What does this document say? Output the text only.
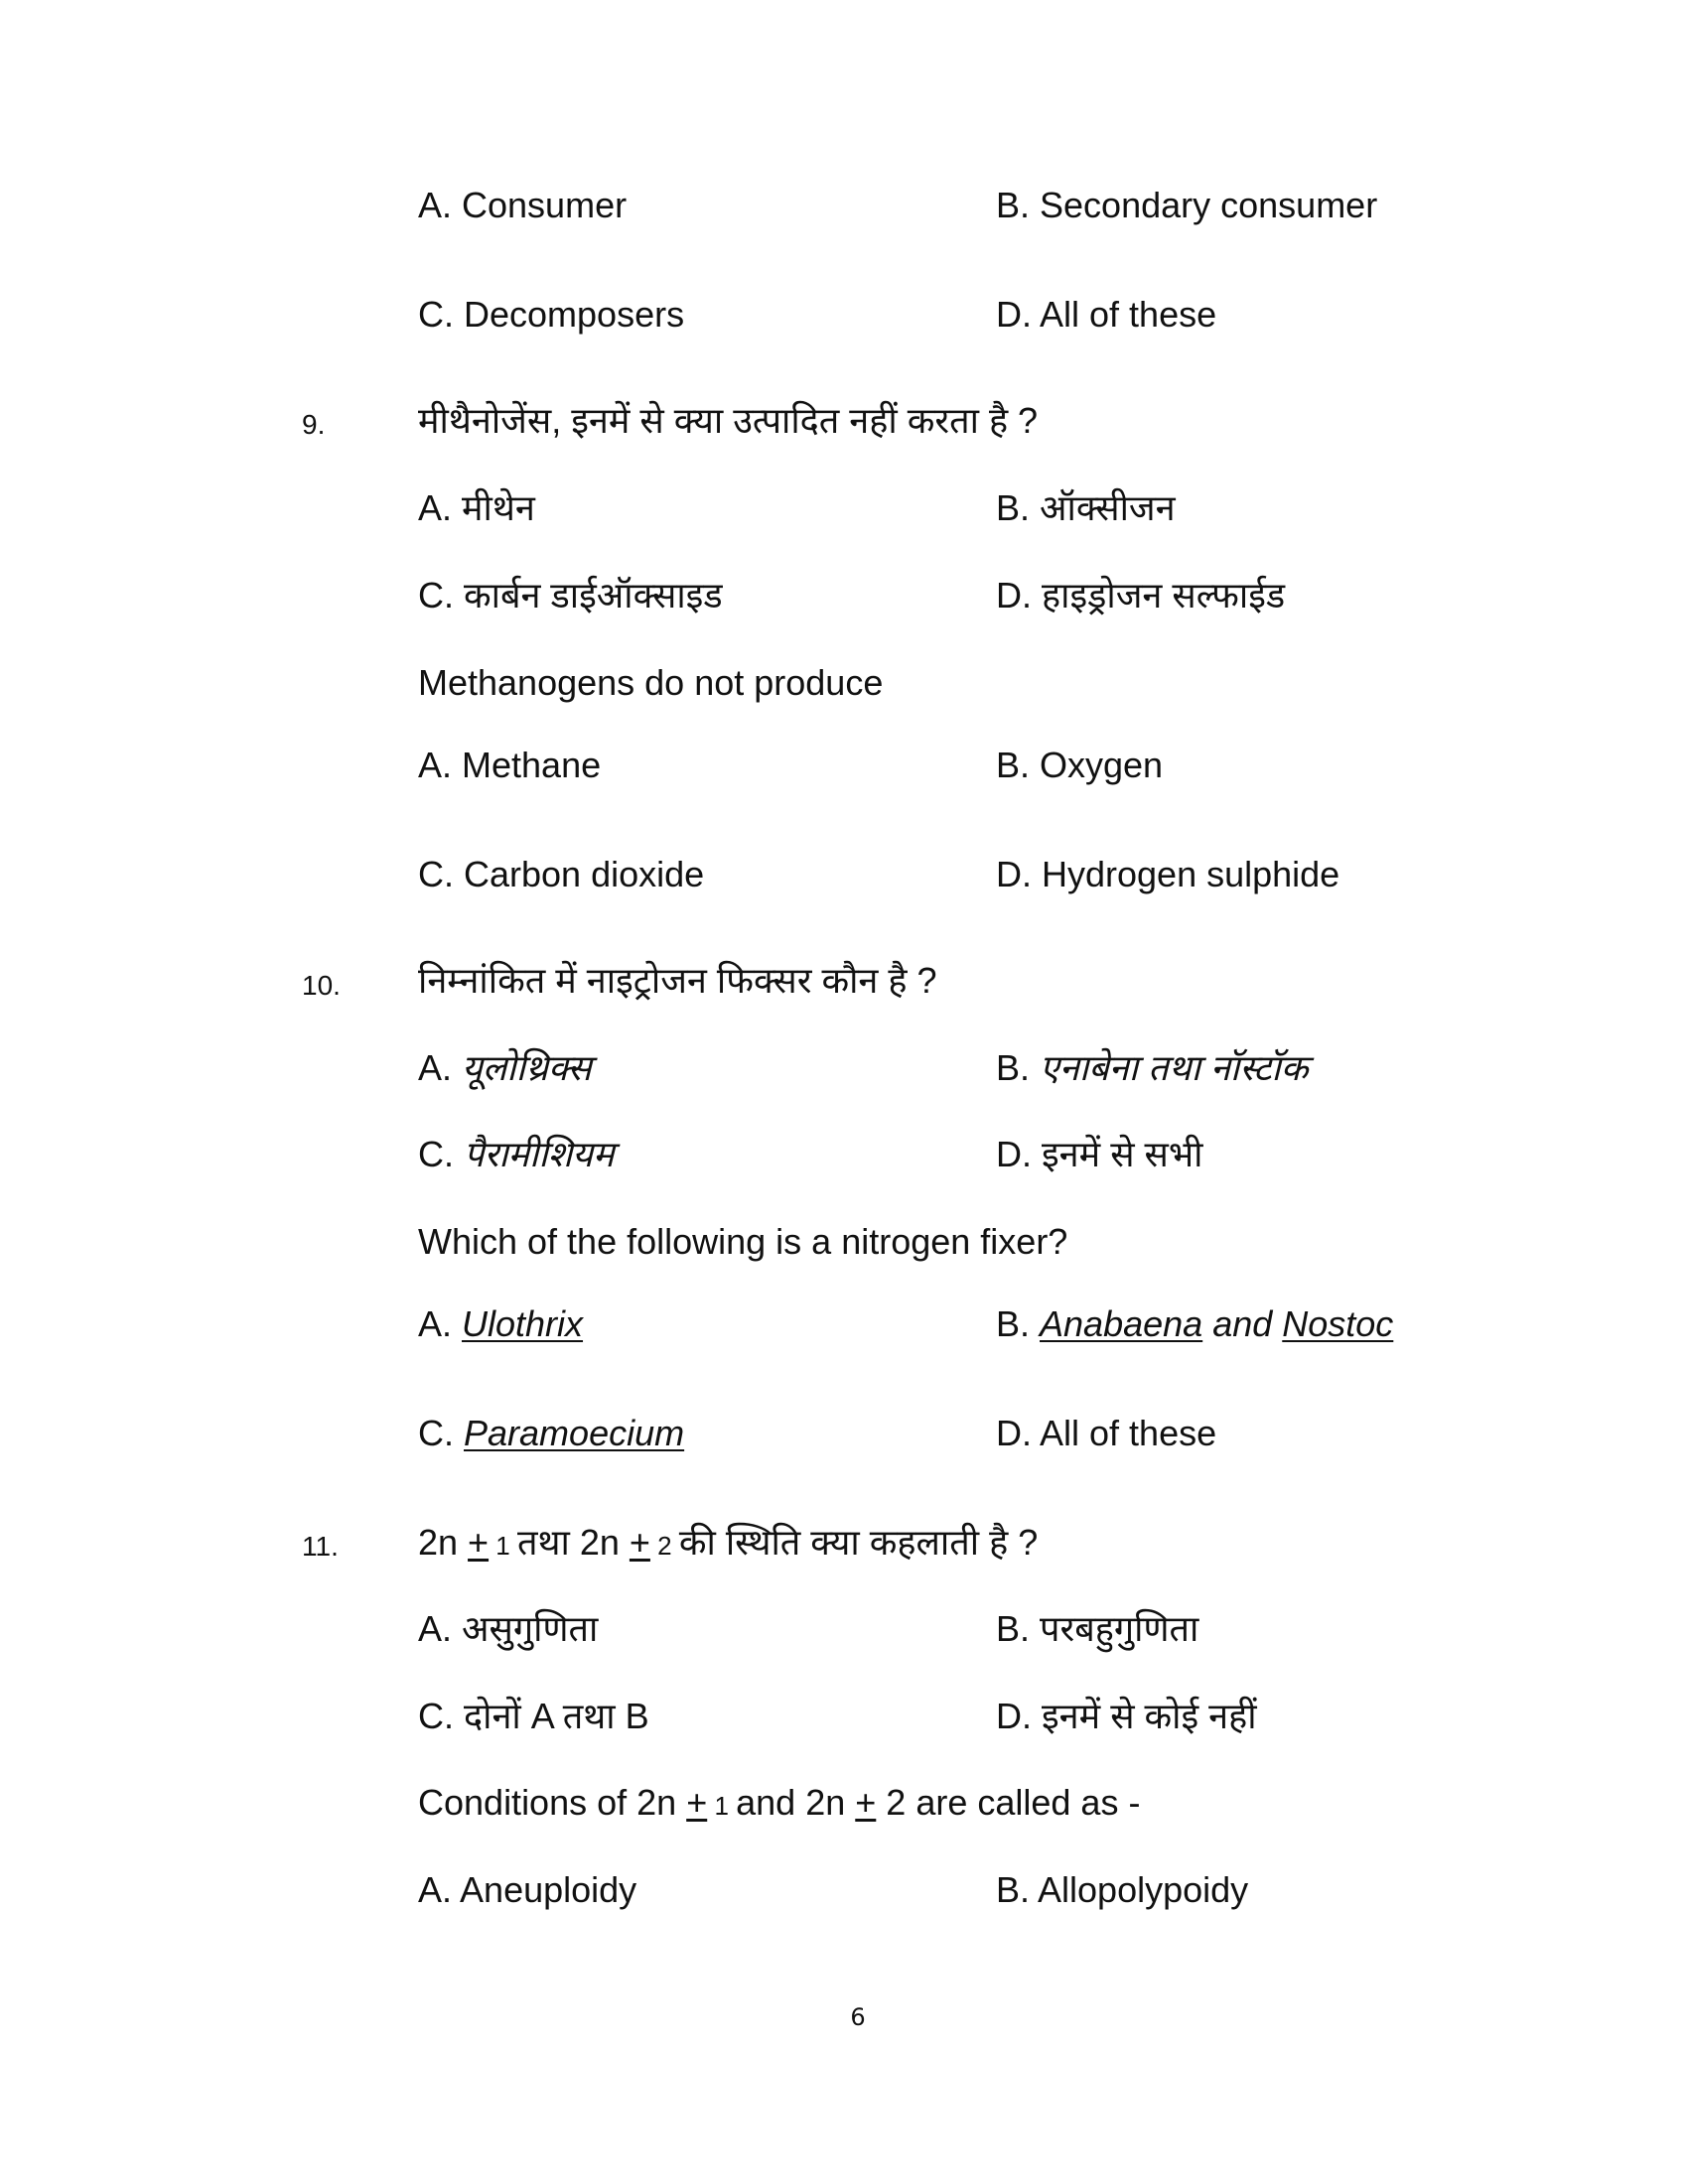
A. Consumer	B. Secondary consumer
C. Decomposers	D. All of these
9.	मीथैनोजेंस, इनमें से क्या उत्पादित नहीं करता है ?
A. मीथेन	B. ऑक्सीजन
C. कार्बन डाईऑक्साइड	D. हाइड्रोजन सल्फाईड
Methanogens do not produce
A. Methane	B. Oxygen
C. Carbon dioxide	D. Hydrogen sulphide
10. निम्नांकित में नाइट्रोजन फिक्सर कौन है ?
A. यूलोथ्रिक्स	B. एनाबेना तथा नॉस्टॉक
C. पैरामीशियम	D. इनमें से सभी
Which of the following is a nitrogen fixer?
A. Ulothrix	B. Anabaena and Nostoc
C. Paramoecium	D. All of these
11. 2n + 1 तथा 2n + 2 की स्थिति क्या कहलाती है ?
A. असुगुणिता	B. परबहुगुणिता
C. दोनों A तथा B	D. इनमें से कोई नहीं
Conditions of 2n + 1 and 2n + 2 are called as -
A. Aneuploidy	B. Allopolypoidy
6
